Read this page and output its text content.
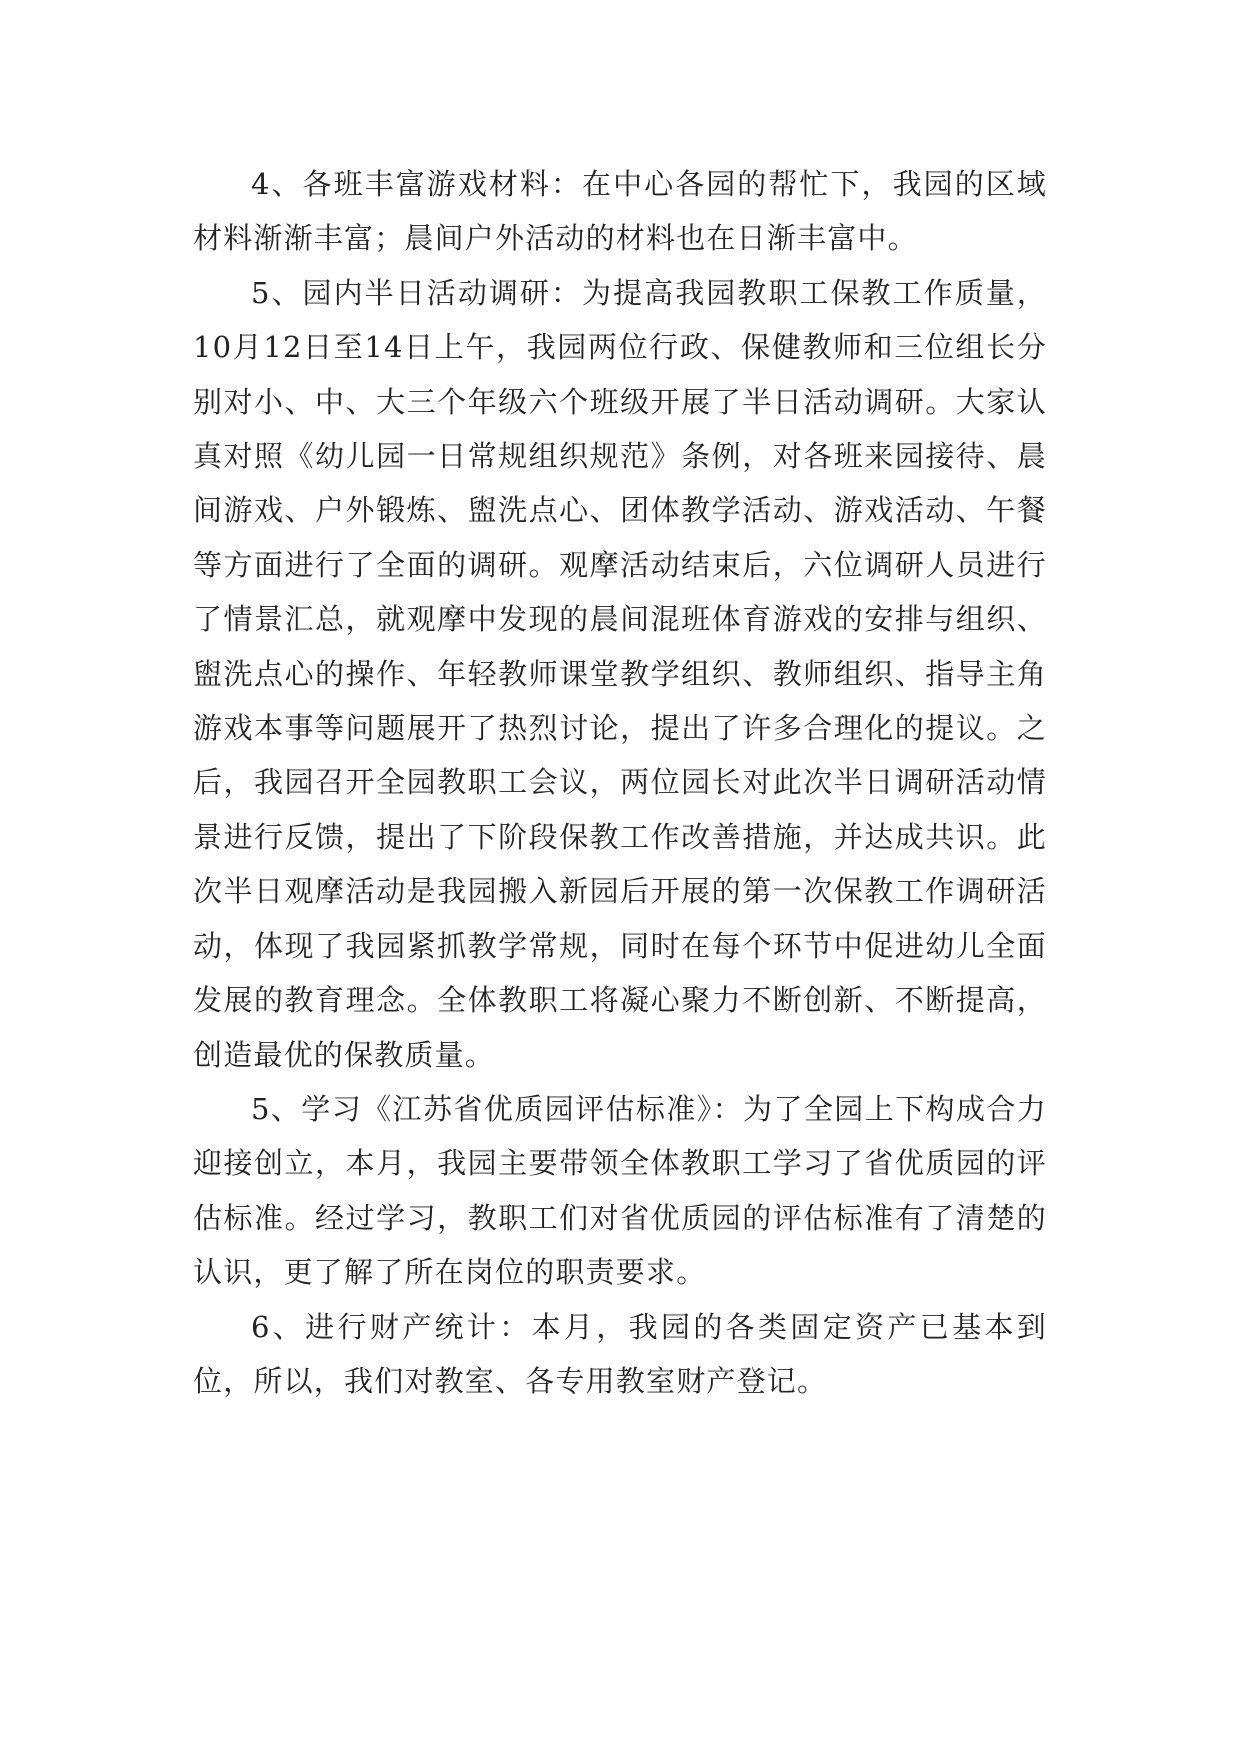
4、各班丰富游戏材料：在中心各园的帮忙下，我园的区域材料渐渐丰富；晨间户外活动的材料也在日渐丰富中。

5、园内半日活动调研：为提高我园教职工保教工作质量，10月12日至14日上午，我园两位行政、保健教师和三位组长分别对小、中、大三个年级六个班级开展了半日活动调研。大家认真对照《幼儿园一日常规组织规范》条例，对各班来园接待、晨间游戏、户外锻炼、盥洗点心、团体教学活动、游戏活动、午餐等方面进行了全面的调研。观摩活动结束后，六位调研人员进行了情景汇总，就观摩中发现的晨间混班体育游戏的安排与组织、盥洗点心的操作、年轻教师课堂教学组织、教师组织、指导主角游戏本事等问题展开了热烈讨论，提出了许多合理化的提议。之后，我园召开全园教职工会议，两位园长对此次半日调研活动情景进行反馈，提出了下阶段保教工作改善措施，并达成共识。此次半日观摩活动是我园搬入新园后开展的第一次保教工作调研活动，体现了我园紧抓教学常规，同时在每个环节中促进幼儿全面发展的教育理念。全体教职工将凝心聚力不断创新、不断提高，创造最优的保教质量。

5、学习《江苏省优质园评估标准》：为了全园上下构成合力迎接创立，本月，我园主要带领全体教职工学习了省优质园的评估标准。经过学习，教职工们对省优质园的评估标准有了清楚的认识，更了解了所在岗位的职责要求。

6、进行财产统计：本月，我园的各类固定资产已基本到位，所以，我们对教室、各专用教室财产登记。
